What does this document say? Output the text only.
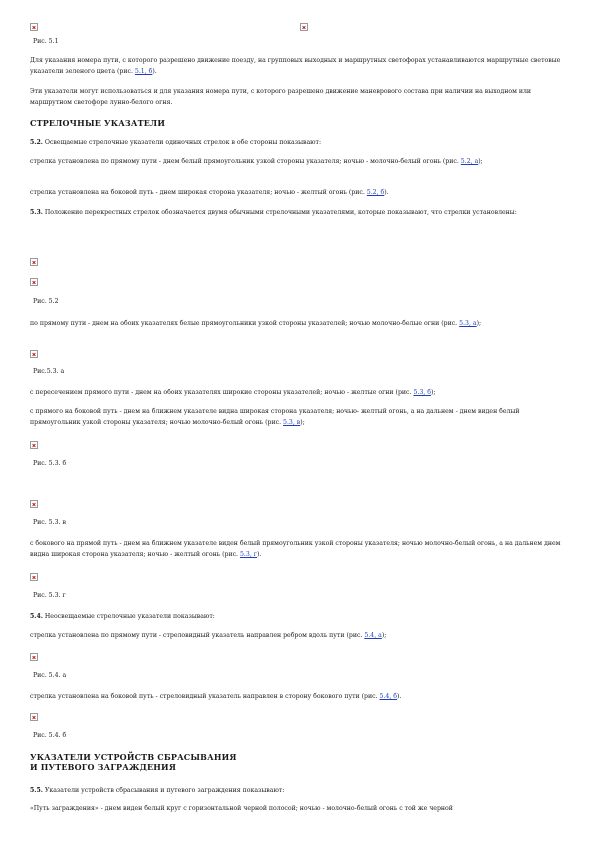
Рис. 5.1
Для указания номера пути, с которого разрешено движение поезду, на групповых выходных и маршрутных светофорах устанавливаются маршрутные световые указатели зеленого цвета (рис. 5.1, б).
Эти указатели могут использоваться и для указания номера пути, с которого разрешено движение маневрового состава при наличии на выходном или маршрутном светофоре лунно-белого огня.
СТРЕЛОЧНЫЕ УКАЗАТЕЛИ
5.2. Освещаемые стрелочные указатели одиночных стрелок в обе стороны показывают:
стрелка установлена по прямому пути - днем белый прямоугольник узкой стороны указателя; ночью - молочно-белый огонь (рис. 5.2, а);
стрелка установлена на боковой путь - днем широкая сторона указателя; ночью - желтый огонь (рис. 5.2, б).
5.3. Положение перекрестных стрелок обозначается двумя обычными стрелочными указателями, которые показывают, что стрелки установлены:
Рис. 5.2
по прямому пути - днем на обоих указателях белые прямоугольники узкой стороны указателей; ночью молочно-белые огни (рис. 5.3, а);
Рис.5.3. а
с пересечением прямого пути - днем на обоих указателях широкие стороны указателей; ночью - желтые огни (рис. 5.3, б);
с прямого на боковой путь - днем на ближнем указателе видна широкая сторона указателя; ночью- желтый огонь, а на дальнем - днем виден белый прямоугольник узкой стороны указателя; ночью молочно-белый огонь (рис. 5.3, в);
Рис. 5.3. б
Рис. 5.3. в
с бокового на прямой путь - днем на ближнем указателе виден белый прямоугольник узкой стороны указателя; ночью молочно-белый огонь, а на дальнем днем видна широкая сторона указателя; ночью - желтый огонь (рис. 5.3, г).
Рис. 5.3. г
5.4. Неосвещаемые стрелочные указатели показывают:
стрелка установлена по прямому пути - стреловидный указатель направлен ребром вдоль пути (рис. 5.4, а);
Рис. 5.4. а
стрелка установлена на боковой путь - стреловидный указатель направлен в сторону бокового пути (рис. 5.4, б).
Рис. 5.4. б
УКАЗАТЕЛИ УСТРОЙСТВ СБРАСЫВАНИЯ
И ПУТЕВОГО ЗАГРАЖДЕНИЯ
5.5. Указатели устройств сбрасывания и путевого заграждения показывают:
«Путь заграждения» - днем виден белый круг с горизонтальной черной полосой; ночью - молочно-белый огонь с той же черной
